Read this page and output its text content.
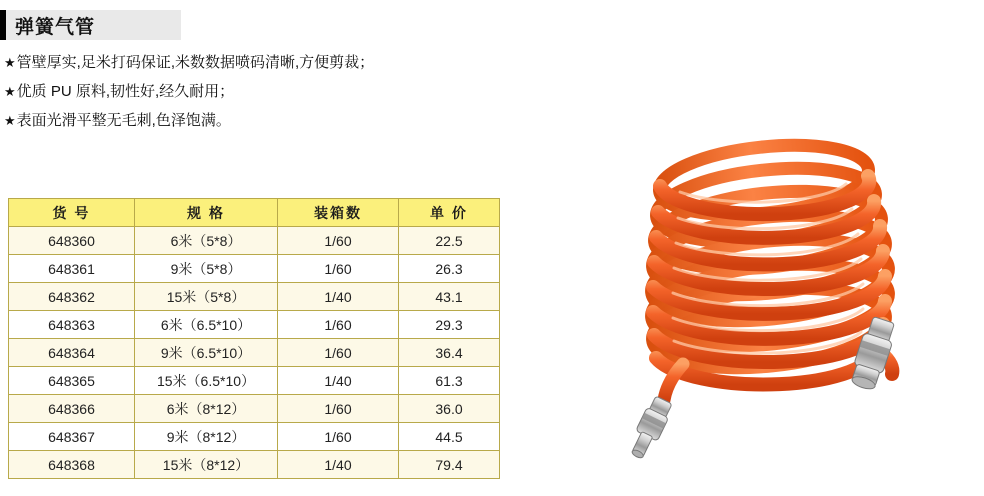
弹簧气管
★管壁厚实,足米打码保证,米数数据喷码清晰,方便剪裁；
★优质 PU 原料,韧性好,经久耐用；
★表面光滑平整无毛刺,色泽饱满。
货 号	规 格	装箱数	单 价
648360	6米（5*8）	1/60	22.5
648361	9米（5*8）	1/60	26.3
648362	15米（5*8）	1/40	43.1
648363	6米（6.5*10）	1/60	29.3
648364	9米（6.5*10）	1/60	36.4
648365	15米（6.5*10）	1/40	61.3
648366	6米（8*12）	1/60	36.0
648367	9米（8*12）	1/60	44.5
648368	15米（8*12）	1/40	79.4
